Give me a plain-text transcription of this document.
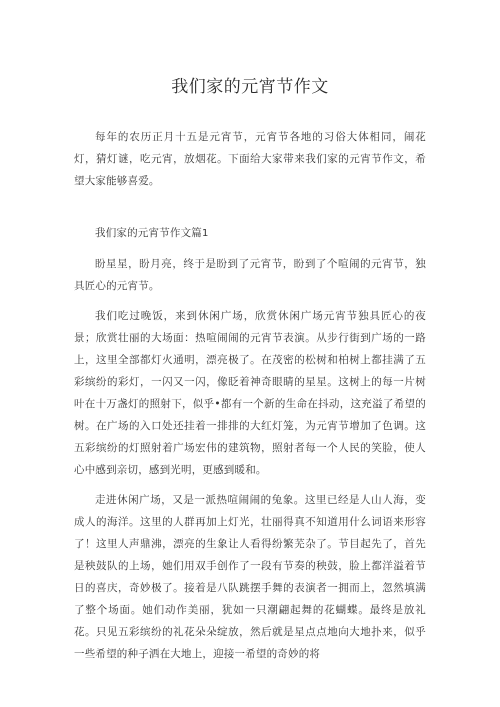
我们家的元宵节作文

每年的农历正月十五是元宵节，元宵节各地的习俗大体相同，闹花灯，猜灯谜，吃元宵，放烟花。下面给大家带来我们家的元宵节作文，希望大家能够喜爱。

我们家的元宵节作文篇1

盼星星，盼月亮，终于是盼到了元宵节，盼到了个喧闹的元宵节，独具匠心的元宵节。

我们吃过晚饭，来到休闲广场，欣赏休闲广场元宵节独具匠心的夜景；欣赏壮丽的大场面：热喧闹闹的元宵节表演。从步行街到广场的一路上，这里全部都灯火通明，漂亮极了。在茂密的松树和柏树上都挂满了五彩缤纷的彩灯，一闪又一闪，像眨着神奇眼睛的星星。这树上的每一片树叶在十万盏灯的照射下，似乎•都有一个新的生命在抖动，这充溢了希望的树。在广场的入口处还挂着一排排的大红灯笼，为元宵节增加了色调。这五彩缤纷的灯照射着广场宏伟的建筑物，照射者每一个人民的笑脸，使人心中感到亲切，感到光明，更感到暖和。

走进休闲广场，又是一派热喧闹闹的兔象。这里已经是人山人海，变成人的海洋。这里的人群再加上灯光，壮丽得真不知道用什么词语来形容了！这里人声鼎沸，漂亮的生象让人看得纷繁芜杂了。节目起先了，首先是秧鼓队的上场，她们用双手创作了一段有节奏的秧鼓，脸上都洋溢着节日的喜庆，奇妙极了。接着是八队跳摆手舞的表演者一拥而上，忽然填满了整个场面。她们动作美丽，犹如一只潮翩起舞的花蝴蝶。最终是放礼花。只见五彩缤纷的礼花朵朵绽放，然后就是星点点地向大地扑来，似乎一些希望的种子洒在大地上，迎接一希望的奇妙的将
